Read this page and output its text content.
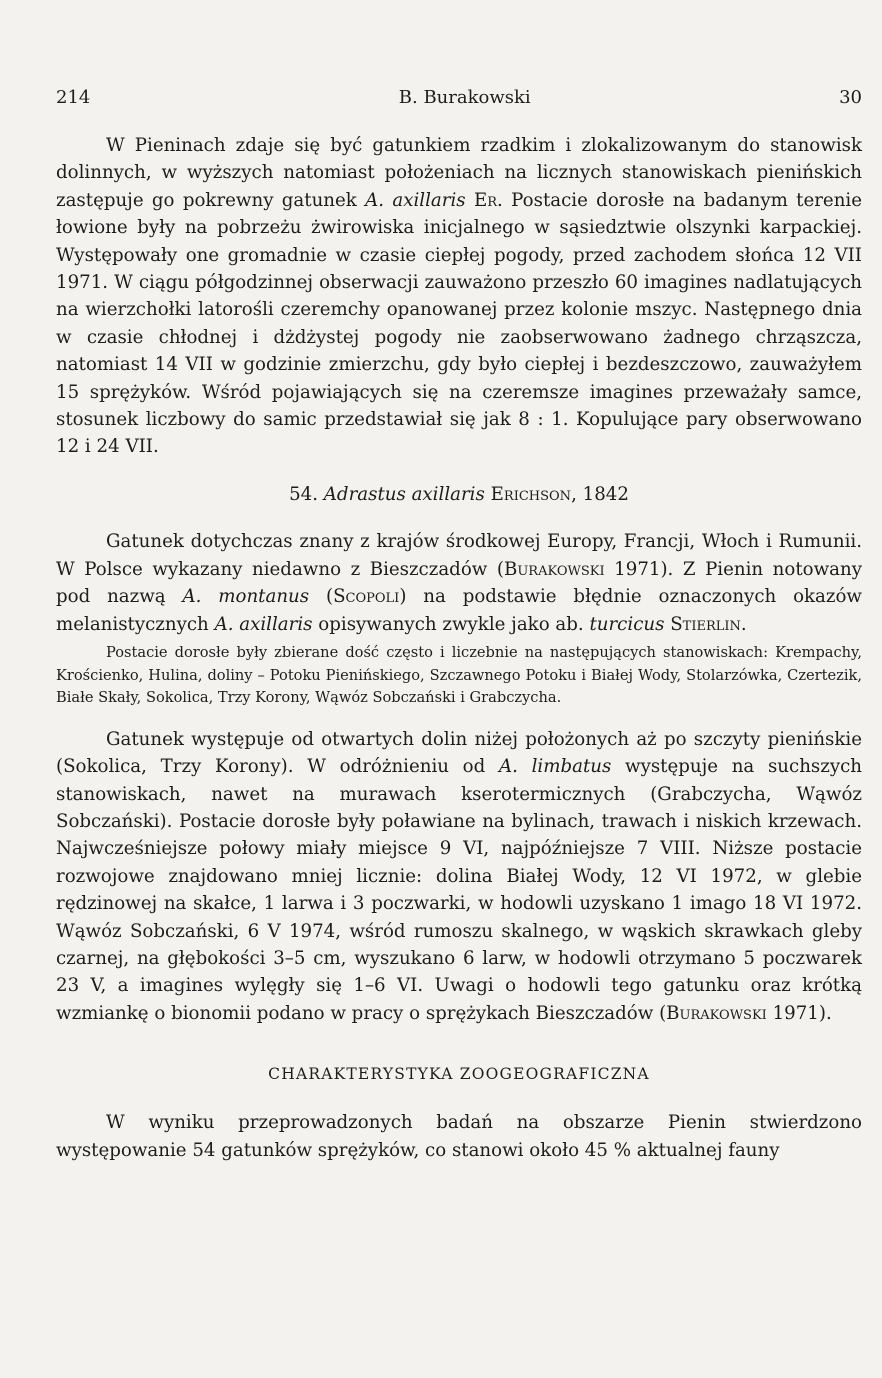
214	B. Burakowski	30

W Pieninach zdaje się być gatunkiem rzadkim i zlokalizowanym do stanowisk dolinnych, w wyższych natomiast położeniach na licznych stanowiskach pienińskich zastępuje go pokrewny gatunek A. axillaris Er. Postacie dorosłe na badanym terenie łowione były na pobrzeżu żwirowiska inicjalnego w sąsiedztwie olszynki karpackiej. Występowały one gromadnie w czasie ciepłej pogody, przed zachodem słońca 12 VII 1971. W ciągu półgodzinnej obserwacji zauważono przeszło 60 imagines nadlatujących na wierzchołki latorośli czeremchy opanowanej przez kolonie mszyc. Następnego dnia w czasie chłodnej i dżdżystej pogody nie zaobserwowano żadnego chrząszcza, natomiast 14 VII w godzinie zmierzchu, gdy było ciepłej i bezdeszczowo, zauważyłem 15 sprężyków. Wśród pojawiających się na czeremsze imagines przeważały samce, stosunek liczbowy do samic przedstawiał się jak 8 : 1. Kopulujące pary obserwowano 12 i 24 VII.

54. Adrastus axillaris Erichson, 1842

Gatunek dotychczas znany z krajów środkowej Europy, Francji, Włoch i Rumunii. W Polsce wykazany niedawno z Bieszczadów (Burakowski 1971). Z Pienin notowany pod nazwą A. montanus (Scopoli) na podstawie błędnie oznaczonych okazów melanistycznych A. axillaris opisywanych zwykle jako ab. turcicus Stierlin.

Postacie dorosłe były zbierane dość często i liczebnie na następujących stanowiskach: Krempachy, Krościenko, Hulina, doliny – Potoku Pienińskiego, Szczawnego Potoku i Białej Wody, Stolarzówka, Czertezik, Białe Skały, Sokolica, Trzy Korony, Wąwóz Sobczański i Grabczycha.

Gatunek występuje od otwartych dolin niżej położonych aż po szczyty pienińskie (Sokolica, Trzy Korony). W odróżnieniu od A. limbatus występuje na suchszych stanowiskach, nawet na murawach kserotermicznych (Grabczycha, Wąwóz Sobczański). Postacie dorosłe były poławiane na bylinach, trawach i niskich krzewach. Najwcześniejsze połowy miały miejsce 9 VI, najpóźniejsze 7 VIII. Niższe postacie rozwojowe znajdowano mniej licznie: dolina Białej Wody, 12 VI 1972, w glebie rędzinowej na skałce, 1 larwa i 3 poczwarki, w hodowli uzyskano 1 imago 18 VI 1972. Wąwóz Sobczański, 6 V 1974, wśród rumoszu skalnego, w wąskich skrawkach gleby czarnej, na głębokości 3–5 cm, wyszukano 6 larw, w hodowli otrzymano 5 poczwarek 23 V, a imagines wylęgły się 1–6 VI. Uwagi o hodowli tego gatunku oraz krótką wzmiankę o bionomii podano w pracy o sprężykach Bieszczadów (Burakowski 1971).

CHARAKTERYSTYKA ZOOGEOGRAFICZNA

W wyniku przeprowadzonych badań na obszarze Pienin stwierdzono występowanie 54 gatunków sprężyków, co stanowi około 45 % aktualnej fauny
